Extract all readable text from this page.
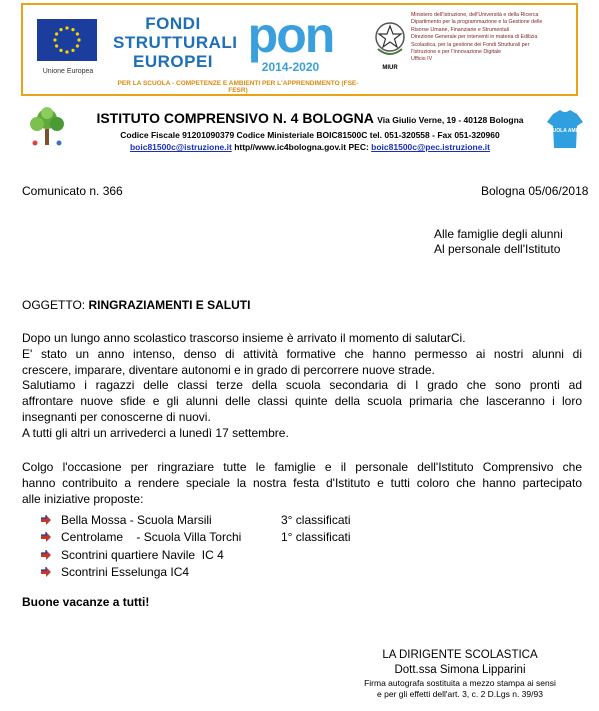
Unione Europea
FONDI
STRUTTURALI
EUROPEI pon
2014-2020
PER LA SCUOLA - COMPETENZE E AMBIENTI PER L'APPRENDIMENTO (FSE-FESR)
MIUR
Ministero dell'Istruzione, dell'Università e della Ricerca
Dipartimento per la programmazione e la Gestione delle
Risorse Umane, Finanziarie e Strumentali
Direzione Generale per interventi in materia di Edilizia
Scolastica, per la gestione dei Fondi Strutturali per
l'Istruzione e per l'Innovazione Digitale
Ufficio IV
ISTITUTO COMPRENSIVO N. 4 BOLOGNA Via Giulio Verne, 19 - 40128 Bologna
Codice Fiscale 91201090379 Codice Ministeriale BOIC81500C tel. 051-320558 - Fax 051-320960
boic81500c@istruzione.it http//www.ic4bologna.gov.it PEC: boic81500c@pec.istruzione.it
SCUOLA AMICA
Comunicato n. 366	Bologna 05/06/2018
Alle famiglie degli alunni
Al personale dell'Istituto
OGGETTO: RINGRAZIAMENTI E SALUTI
Dopo un lungo anno scolastico trascorso insieme è arrivato il momento di salutarCi.
E' stato un anno intenso, denso di attività formative che hanno permesso ai nostri alunni di
crescere, imparare, diventare autonomi e in grado di percorrere nuove strade.
Salutiamo i ragazzi delle classi terze della scuola secondaria di I grado che sono pronti ad
affrontare nuove sfide e gli alunni delle classi quinte della scuola primaria che lasceranno i loro
insegnanti per conoscerne di nuovi.
A tutti gli altri un arrivederci a lunedì 17 settembre.
Colgo l'occasione per ringraziare tutte le famiglie e il personale dell'Istituto Comprensivo che
hanno contribuito a rendere speciale la nostra festa d'Istituto e tutti coloro che hanno partecipato
alle iniziative proposte:
Bella Mossa - Scuola Marsili	3° classificati
Centrolame    - Scuola Villa Torchi	1° classificati
Scontrini quartiere Navile  IC 4
Scontrini Esselunga IC4
Buone vacanze a tutti!
LA DIRIGENTE SCOLASTICA
Dott.ssa Simona Lipparini
Firma autografa sostituita a mezzo stampa ai sensi
e per gli effetti dell'art. 3, c. 2 D.Lgs n. 39/93
